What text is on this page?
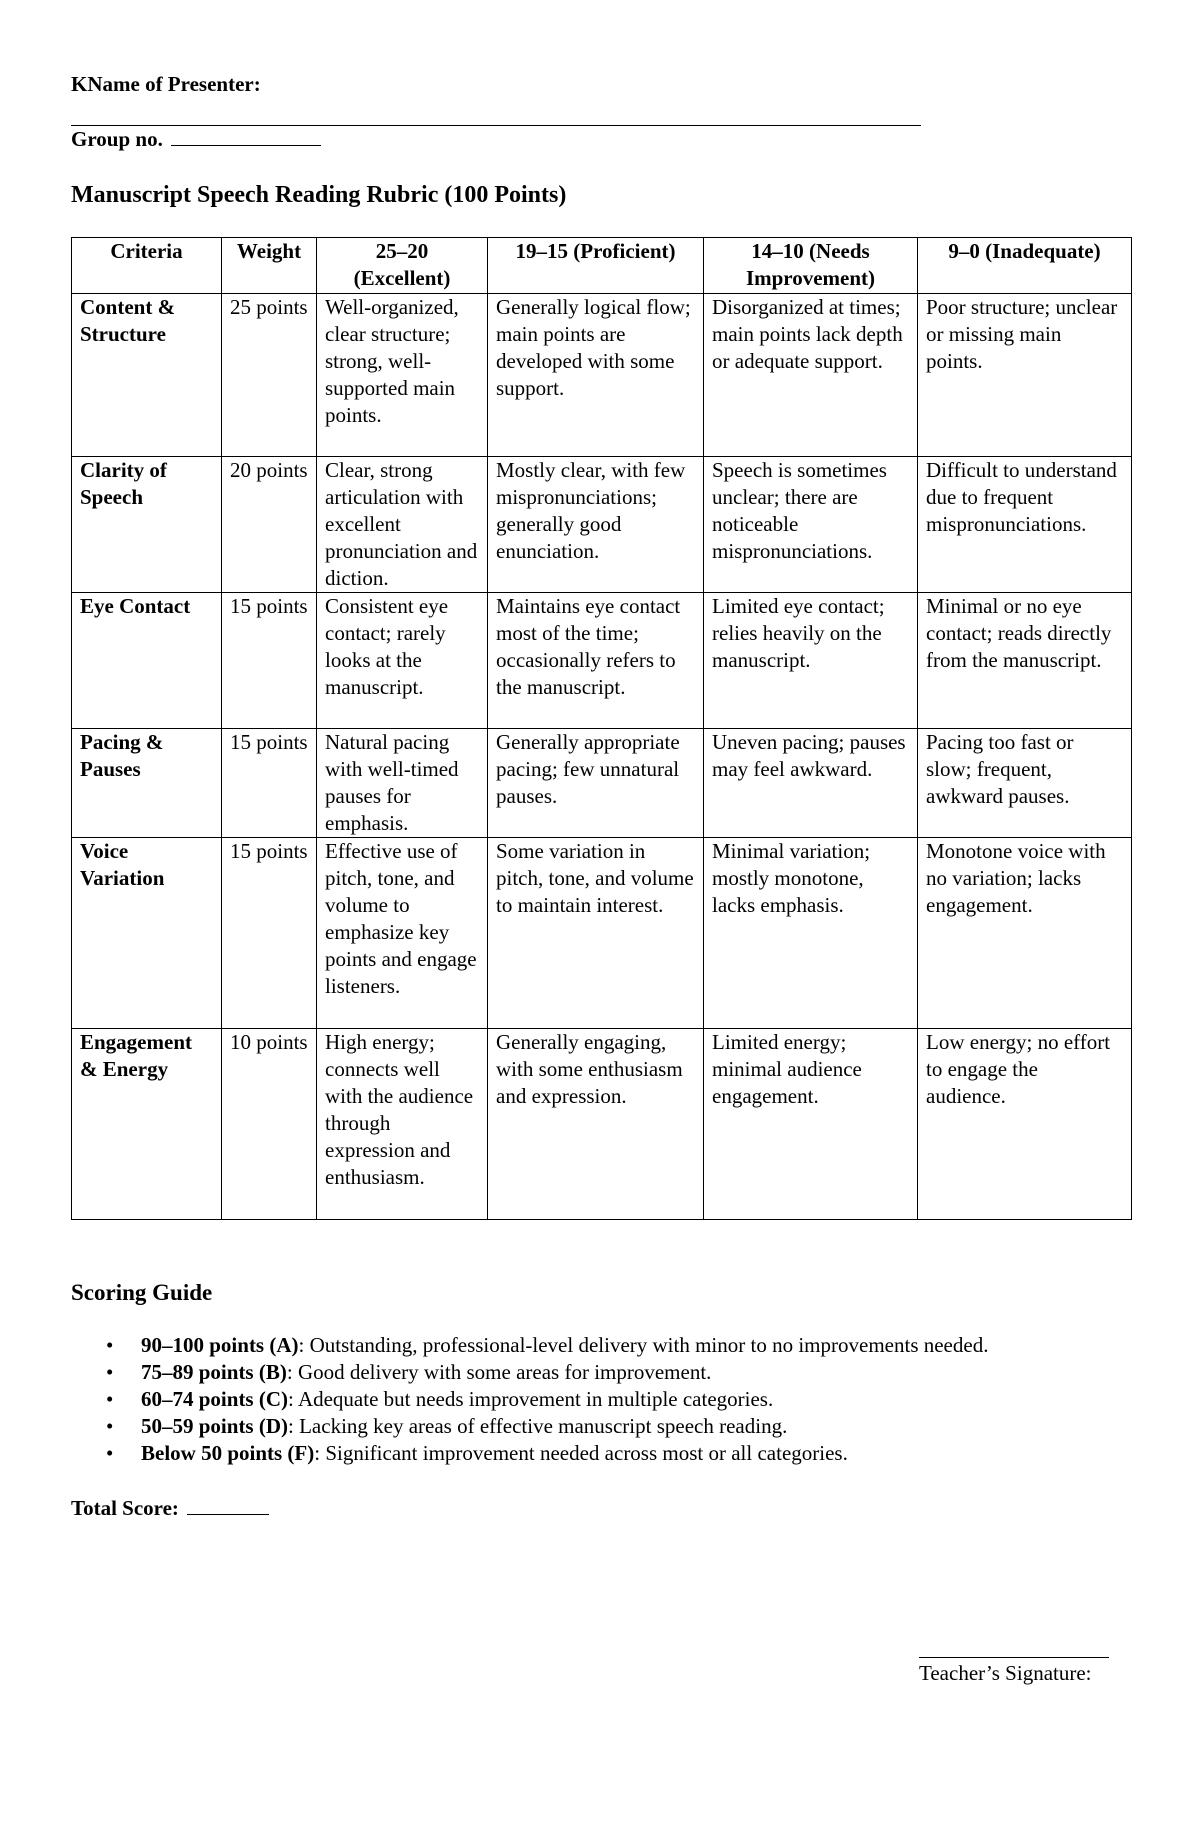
KName of Presenter:
Group no.
Manuscript Speech Reading Rubric (100 Points)
Criteria	Weight	25–20 (Excellent)	19–15 (Proficient)	14–10 (Needs Improvement)	9–0 (Inadequate)
Content & Structure	25 points	Well-organized, clear structure; strong, well-supported main points.	Generally logical flow; main points are developed with some support.	Disorganized at times; main points lack depth or adequate support.	Poor structure; unclear or missing main points.
Clarity of Speech	20 points	Clear, strong articulation with excellent pronunciation and diction.	Mostly clear, with few mispronunciations; generally good enunciation.	Speech is sometimes unclear; there are noticeable mispronunciations.	Difficult to understand due to frequent mispronunciations.
Eye Contact	15 points	Consistent eye contact; rarely looks at the manuscript.	Maintains eye contact most of the time; occasionally refers to the manuscript.	Limited eye contact; relies heavily on the manuscript.	Minimal or no eye contact; reads directly from the manuscript.
Pacing & Pauses	15 points	Natural pacing with well-timed pauses for emphasis.	Generally appropriate pacing; few unnatural pauses.	Uneven pacing; pauses may feel awkward.	Pacing too fast or slow; frequent, awkward pauses.
Voice Variation	15 points	Effective use of pitch, tone, and volume to emphasize key points and engage listeners.	Some variation in pitch, tone, and volume to maintain interest.	Minimal variation; mostly monotone, lacks emphasis.	Monotone voice with no variation; lacks engagement.
Engagement & Energy	10 points	High energy; connects well with the audience through expression and enthusiasm.	Generally engaging, with some enthusiasm and expression.	Limited energy; minimal audience engagement.	Low energy; no effort to engage the audience.
Scoring Guide
• 90–100 points (A): Outstanding, professional-level delivery with minor to no improvements needed.
• 75–89 points (B): Good delivery with some areas for improvement.
• 60–74 points (C): Adequate but needs improvement in multiple categories.
• 50–59 points (D): Lacking key areas of effective manuscript speech reading.
• Below 50 points (F): Significant improvement needed across most or all categories.
Total Score:
Teacher’s Signature:
